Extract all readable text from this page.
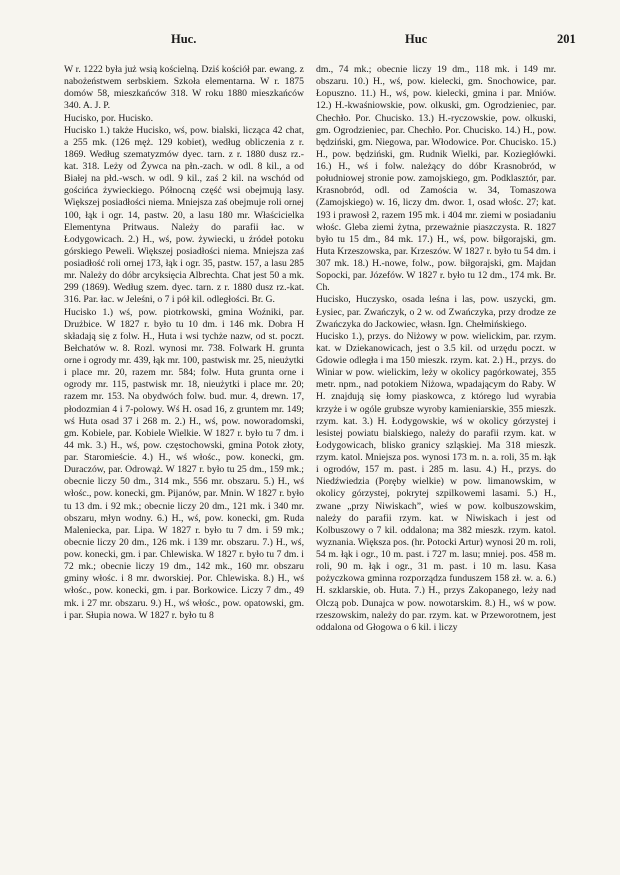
Huc.	Huc	201

W r. 1222 była już wsią kościelną. Dziś kościół par. ewang. z nabożeństwem serbskiem. Szkoła elementarna. W r. 1875 domów 58, mieszkańców 318. W roku 1880 mieszkańców 340. A. J. P.

Hucisko, por. Hucisko.

Hucisko 1.) także Hucisko, wś, pow. bialski, licząca 42 chat, a 255 mk. (126 męż. 129 kobiet), według obliczenia z r. 1869. Według szematyzmów dyec. tarn. z r. 1880 dusz rz.-kat. 318. Leży od Żywca na płn.-zach. w odl. 8 kil., a od Białej na płd.-wsch. w odl. 9 kil., zaś 2 kil. na wschód od gościńca żywieckiego. Północną część wsi obejmują lasy. Większej posiadłości niema. Mniejsza zaś obejmuje roli ornej 100, łąk i ogr. 14, pastw. 20, a lasu 180 mr. Właścicielka Elementyna Pritwaus. Należy do parafii łac. w Łodygowicach. 2.) H., wś, pow. żywiecki, u źródeł potoku górskiego Pewelì. Większej posiadłości niema. Mniejsza zaś posiadłość roli ornej 173, łąk i ogr. 35, pastw. 157, a lasu 285 mr. Należy do dóbr arcyksięcia Albrechta. Chat jest 50 a mk. 299 (1869). Według szem. dyec. tarn. z r. 1880 dusz rz.-kat. 316. Par. łac. w Jeleśni, o 7 i pół kil. odległości. Br. G.

Hucisko 1.) wś, pow. piotrkowski, gmina Woźniki, par. Drużbice. W 1827 r. było tu 10 dm. i 146 mk. Dobra H składają się z folw. H., Huta i wsi tychże nazw, od st. poczt. Bełchatów w. 8. Rozl. wynosi mr. 738. Folwark H. grunta orne i ogrody mr. 439, łąk mr. 100, pastwisk mr. 25, nieużytki i place mr. 20, razem mr. 584; folw. Huta grunta orne i ogrody mr. 115, pastwisk mr. 18, nieużytki i place mr. 20; razem mr. 153. Na obydwóch folw. bud. mur. 4, drewn. 17, płodozmian 4 i 7-polowy. Wś H. osad 16, z gruntem mr. 149; wś Huta osad 37 i 268 m. 2.) H., wś, pow. noworadomski, gm. Kobiele, par. Kobiele Wielkie. W 1827 r. było tu 7 dm. i 44 mk. 3.) H., wś, pow. częstochowski, gmina Potok złoty, par. Staromieście. 4.) H., wś włośc., pow. konecki, gm. Duraczów, par. Odrowąż. W 1827 r. było tu 25 dm., 159 mk.; obecnie liczy 50 dm., 314 mk., 556 mr. obszaru. 5.) H., wś włośc., pow. konecki, gm. Pijanów, par. Mnin. W 1827 r. było tu 13 dm. i 92 mk.; obecnie liczy 20 dm., 121 mk. i 340 mr. obszaru, młyn wodny. 6.) H., wś, pow. konecki, gm. Ruda Malenieckа, par. Lipa. W 1827 r. było tu 7 dm. i 59 mk.; obecnie liczy 20 dm., 126 mk. i 139 mr. obszaru. 7.) H., wś, pow. konecki, gm. i par. Chlewiska. W 1827 r. było tu 7 dm. i 72 mk.; obecnie liczy 19 dm., 142 mk., 160 mr. obszaru gminy włośc. i 8 mr. dworskiej. Por. Chlewiska. 8.) H., wś włośc., pow. konecki, gm. i par. Borkowice. Liczy 7 dm., 49 mk. i 27 mr. obszaru. 9.) H., wś włośc., pow. opatowski, gm. i par. Słupia nowa. W 1827 r. było tu 8

dm., 74 mk.; obecnie liczy 19 dm., 118 mk. i 149 mr. obszaru. 10.) H., wś, pow. kielecki, gm. Snochowice, par. Łopuszno. 11.) H., wś, pow. kielecki, gmina i par. Mniów. 12.) H.-kwaśniowskie, pow. olkuski, gm. Ogrodzieniec, par. Chechło. Por. Chucisko. 13.) H.-ryczowskie, pow. olkuski, gm. Ogrodzieniec, par. Chechło. Por. Chucisko. 14.) H., pow. będziński, gm. Niegowa, par. Włodowice. Por. Chucisko. 15.) H., pow. będziński, gm. Rudnik Wielki, par. Koziegłówki. 16.) H., wś i folw. należący do dóbr Krasnobród, w południowej stronie pow. zamojskiego, gm. Podklasztór, par. Krasnobród, odl. od Zamościa w. 34, Tomaszowa (Zamojskiego) w. 16, liczy dm. dwor. 1, osad włośc. 27; kat. 193 i prawosł 2, razem 195 mk. i 404 mr. ziemi w posiadaniu włośc. Gleba ziemi żytna, przeważnie piaszczysta. R. 1827 było tu 15 dm., 84 mk. 17.) H., wś, pow. biłgorajski, gm. Huta Krzeszowska, par. Krzeszów. W 1827 r. było tu 54 dm. i 307 mk. 18.) H.-nowe, folw., pow. biłgorajski, gm. Majdan Sopocki, par. Józefów. W 1827 r. było tu 12 dm., 174 mk. Br. Ch.

Hucisko, Huczysko, osada leśna i las, pow. uszycki, gm. Łysiec, par. Zwańczyk, o 2 w. od Zwańczyka, przy drodze ze Zwańczyka do Jackowiec, własn. Ign. Chełmińskiego.

Hucisko 1.), przys. do Niżowy w pow. wielickim, par. rzym. kat. w Dziekanowicach, jest o 3.5 kil. od urzędu poczt. w Gdowie odległa i ma 150 mieszk. rzym. kat. 2.) H., przys. do Winiar w pow. wielickim, leży w okolicy pagórkowatej, 355 metr. npm., nad potokiem Niżowa, wpadającym do Raby. W H. znajdują się łomy piaskowca, z którego lud wyrabia krzyże i w ogóle grubsze wyroby kamieniarskie, 355 mieszk. rzym. kat. 3.) H. Łodygowskie, wś w okolicy górzystej i lesistej powiatu bialskiego, należy do parafii rzym. kat. w Łodygowicach, blisko granicy szląskiej. Ma 318 mieszk. rzym. katol. Mniejsza pos. wynosi 173 m. n. a. roli, 35 m. łąk i ogrodów, 157 m. past. i 285 m. lasu. 4.) H., przys. do Niedźwiedzia (Poręby wielkie) w pow. limanowskim, w okolicy górzystej, pokrytej szpilkowemi lasami. 5.) H., zwane „przy Niwiskach”, wieś w pow. kolbuszowskim, należy do parafii rzym. kat. w Niwiskach i jest od Kolbuszowy o 7 kil. oddalona; ma 382 mieszk. rzym. katol. wyznania. Większa pos. (hr. Potocki Artur) wynosi 20 m. roli, 54 m. łąk i ogr., 10 m. past. i 727 m. lasu; mniej. pos. 458 m. roli, 90 m. łąk i ogr., 31 m. past. i 10 m. lasu. Kasa pożyczkowa gminna rozporządza funduszem 158 zł. w. a. 6.) H. szklarskie, ob. Huta. 7.) H., przys Zakopanego, leży nad Olczą pob. Dunajca w pow. nowotarskim. 8.) H., wś w pow. rzeszowskim, należy do par. rzym. kat. w Przeworotnem, jest oddalona od Głogowa o 6 kil. i liczy
